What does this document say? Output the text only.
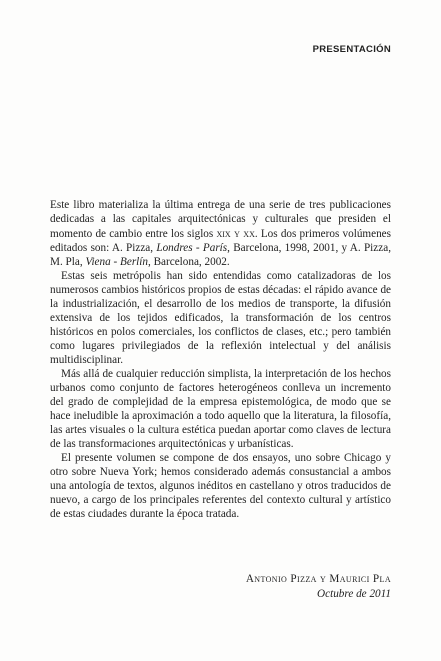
PRESENTACIÓN

Este libro materializa la última entrega de una serie de tres publicaciones dedicadas a las capitales arquitectónicas y culturales que presiden el momento de cambio entre los siglos xix y xx. Los dos primeros volúmenes editados son: A. Pizza, Londres - París, Barcelona, 1998, 2001, y A. Pizza, M. Pla, Viena - Berlín, Barcelona, 2002.

Estas seis metrópolis han sido entendidas como catalizadoras de los numerosos cambios históricos propios de estas décadas: el rápido avance de la industrialización, el desarrollo de los medios de transporte, la difusión extensiva de los tejidos edificados, la transformación de los centros históricos en polos comerciales, los conflictos de clases, etc.; pero también como lugares privilegiados de la reflexión intelectual y del análisis multidisciplinar.

Más allá de cualquier reducción simplista, la interpretación de los hechos urbanos como conjunto de factores heterogéneos conlleva un incremento del grado de complejidad de la empresa epistemológica, de modo que se hace ineludible la aproximación a todo aquello que la literatura, la filosofía, las artes visuales o la cultura estética puedan aportar como claves de lectura de las transformaciones arquitectónicas y urbanísticas.

El presente volumen se compone de dos ensayos, uno sobre Chicago y otro sobre Nueva York; hemos considerado además consustancial a ambos una antología de textos, algunos inéditos en castellano y otros traducidos de nuevo, a cargo de los principales referentes del contexto cultural y artístico de estas ciudades durante la época tratada.

Antonio Pizza y Maurici Pla
Octubre de 2011
